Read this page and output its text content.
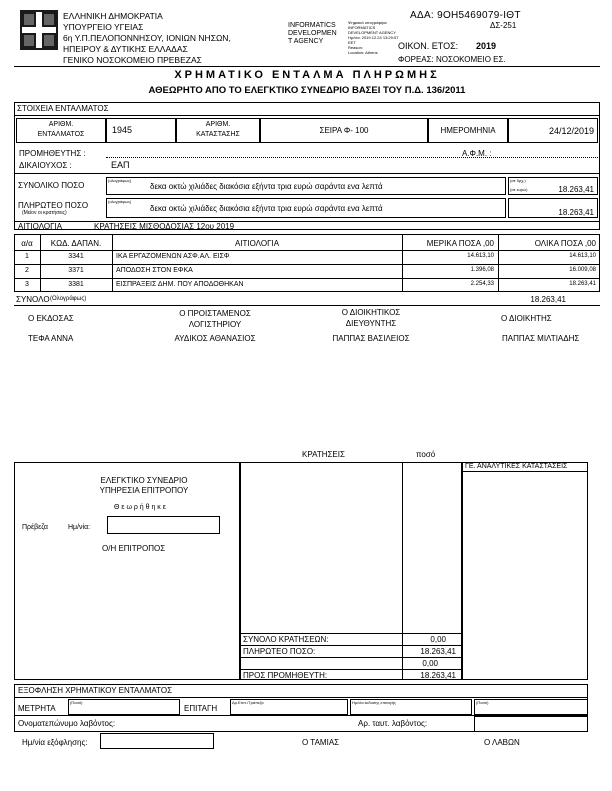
ΕΛΛΗΝΙΚΗ ΔΗΜΟΚΡΑΤΙΑ
ΥΠΟΥΡΓΕΙΟ ΥΓΕΙΑΣ
6η Υ.Π.ΠΕΛΟΠΟΝΝΗΣΟΥ, ΙΟΝΙΩΝ ΝΗΣΩΝ,
ΗΠΕΙΡΟΥ & ΔΥΤΙΚΗΣ ΕΛΛΑΔΑΣ
ΓΕΝΙΚΟ ΝΟΣΟΚΟΜΕΙΟ ΠΡΕΒΕΖΑΣ
INFORMATICS
DEVELOPMEN
T AGENCY
Ψηφιακά υπογράφηκε
INFORMATICS
DEVELOPMENT AGENCY
Ημ/νία: 2019.12.24 13:29:57
EET
Reason:
Location: Athens
ΑΔΑ: 9ΟΗ5469079-ΙΘΤ
ΔΣ-251
ΟΙΚΟΝ. ΕΤΟΣ: 2019
ΦΟΡΕΑΣ: ΝΟΣΟΚΟΜΕΙΟ ΕΣ.
ΧΡΗΜΑΤΙΚΟ ΕΝΤΑΛΜΑ ΠΛΗΡΩΜΗΣ
ΑΘΕΩΡΗΤΟ ΑΠΟ ΤΟ ΕΛΕΓΚΤΙΚΟ ΣΥΝΕΔΡΙΟ ΒΑΣΕΙ ΤΟΥ Π.Δ. 136/2011
ΣΤΟΙΧΕΙΑ ΕΝΤΑΛΜΑΤΟΣ
ΑΡΙΘΜ.
ΕΝΤΑΛΜΑΤΟΣ	1945
ΑΡΙΘΜ.
ΚΑΤΑΣΤΑΣΗΣ	ΣΕΙΡΑ Φ- 100	ΗΜΕΡΟΜΗΝΙΑ	24/12/2019
ΠΡΟΜΗΘΕΥΤΗΣ :
ΔΙΚΑΙΟΥΧΟΣ :	ΕΑΠ
Α.Φ.Μ. :
ΣΥΝΟΛΙΚΟ ΠΟΣΟ
(ολογράφως)
δεκα οκτώ χιλιάδες διακόσια εξήντα τρια ευρώ σαράντα ενα λεπτά
(σε δρχ.)
(σε ευρώ)	18.263,41
ΠΛΗΡΩΤΕΟ ΠΟΣΟ
(Μείον οι κρατήσεις)
(ολογράφως)
δεκα οκτώ χιλιάδες διακόσια εξήντα τρια ευρώ σαράντα ενα λεπτά	18.263,41
ΑΙΤΙΟΛΟΓΙΑ	ΚΡΑΤΗΣΕΙΣ ΜΙΣΘΟΔΟΣΙΑΣ 12ου 2019
α/α	ΚΩΔ. ΔΑΠΑΝ.	ΑΙΤΙΟΛΟΓΙΑ	ΜΕΡΙΚΑ ΠΟΣΑ ,00	ΟΛΙΚΑ ΠΟΣΑ ,00
1	3341	ΙΚΑ ΕΡΓΑΖΟΜΕΝΩΝ ΑΣΦ.ΑΛ. ΕΙΣΦ	14.613,10	14.613,10
2	3371	ΑΠΟΔΟΣΗ ΣΤΟΝ ΕΦΚΑ	1.396,08	16.009,08
3	3381	ΕΙΣΠΡΑΞΕΙΣ ΔΗΜ. ΠΟΥ ΑΠΟΔΟΘΗΚΑΝ	2.254,33	18.263,41
ΣΥΝΟΛΟ (Ολογράφως)	18.263,41
Ο ΕΚΔΟΣΑΣ
Ο ΠΡΟΙΣΤΑΜΕΝΟΣ
ΛΟΓΙΣΤΗΡΙΟΥ
Ο ΔΙΟΙΚΗΤΙΚΟΣ
ΔΙΕΥΘΥΝΤΗΣ
Ο ΔΙΟΙΚΗΤΗΣ
ΤΕΦΑ ΑΝΝΑ	ΑΥΔΙΚΟΣ ΑΘΑΝΑΣΙΟΣ	ΠΑΠΠΑΣ ΒΑΣΙΛΕΙΟΣ	ΠΑΠΠΑΣ ΜΙΛΤΙΑΔΗΣ
ΚΡΑΤΗΣΕΙΣ	ποσό
ΓΕ. ΑΝΑΛΥΤΙΚΕΣ ΚΑΤΑΣΤΑΣΕΙΣ
ΕΛΕΓΚΤΙΚΟ ΣΥΝΕΔΡΙΟ
ΥΠΗΡΕΣΙΑ ΕΠΙΤΡΟΠΟΥ
Θ ε ω ρ ή θ η κ ε
Πρέβεζα	Ημ/νία:
Ο/Η ΕΠΙΤΡΟΠΟΣ
ΣΥΝΟΛΟ ΚΡΑΤΗΣΕΩΝ:	0,00
ΠΛΗΡΩΤΕΟ ΠΟΣΟ:	18.263,41
0,00
ΠΡΟΣ ΠΡΟΜΗΘΕΥΤΗ:	18.263,41
ΕΞΟΦΛΗΣΗ ΧΡΗΜΑΤΙΚΟΥ ΕΝΤΑΛΜΑΤΟΣ
ΜΕΤΡΗΤΑ
(Ποσό)
ΕΠΙΤΑΓΗ
Αρ.Επιτ./Τράπεζα	Ημ/νία εκδοσης επιταγής	(Ποσό)
Ονοματεπώνυμο λαβόντος:	Αρ. ταυτ. λαβόντος:
Ημ/νία εξόφλησης:	Ο ΤΑΜΙΑΣ	Ο ΛΑΒΩΝ
